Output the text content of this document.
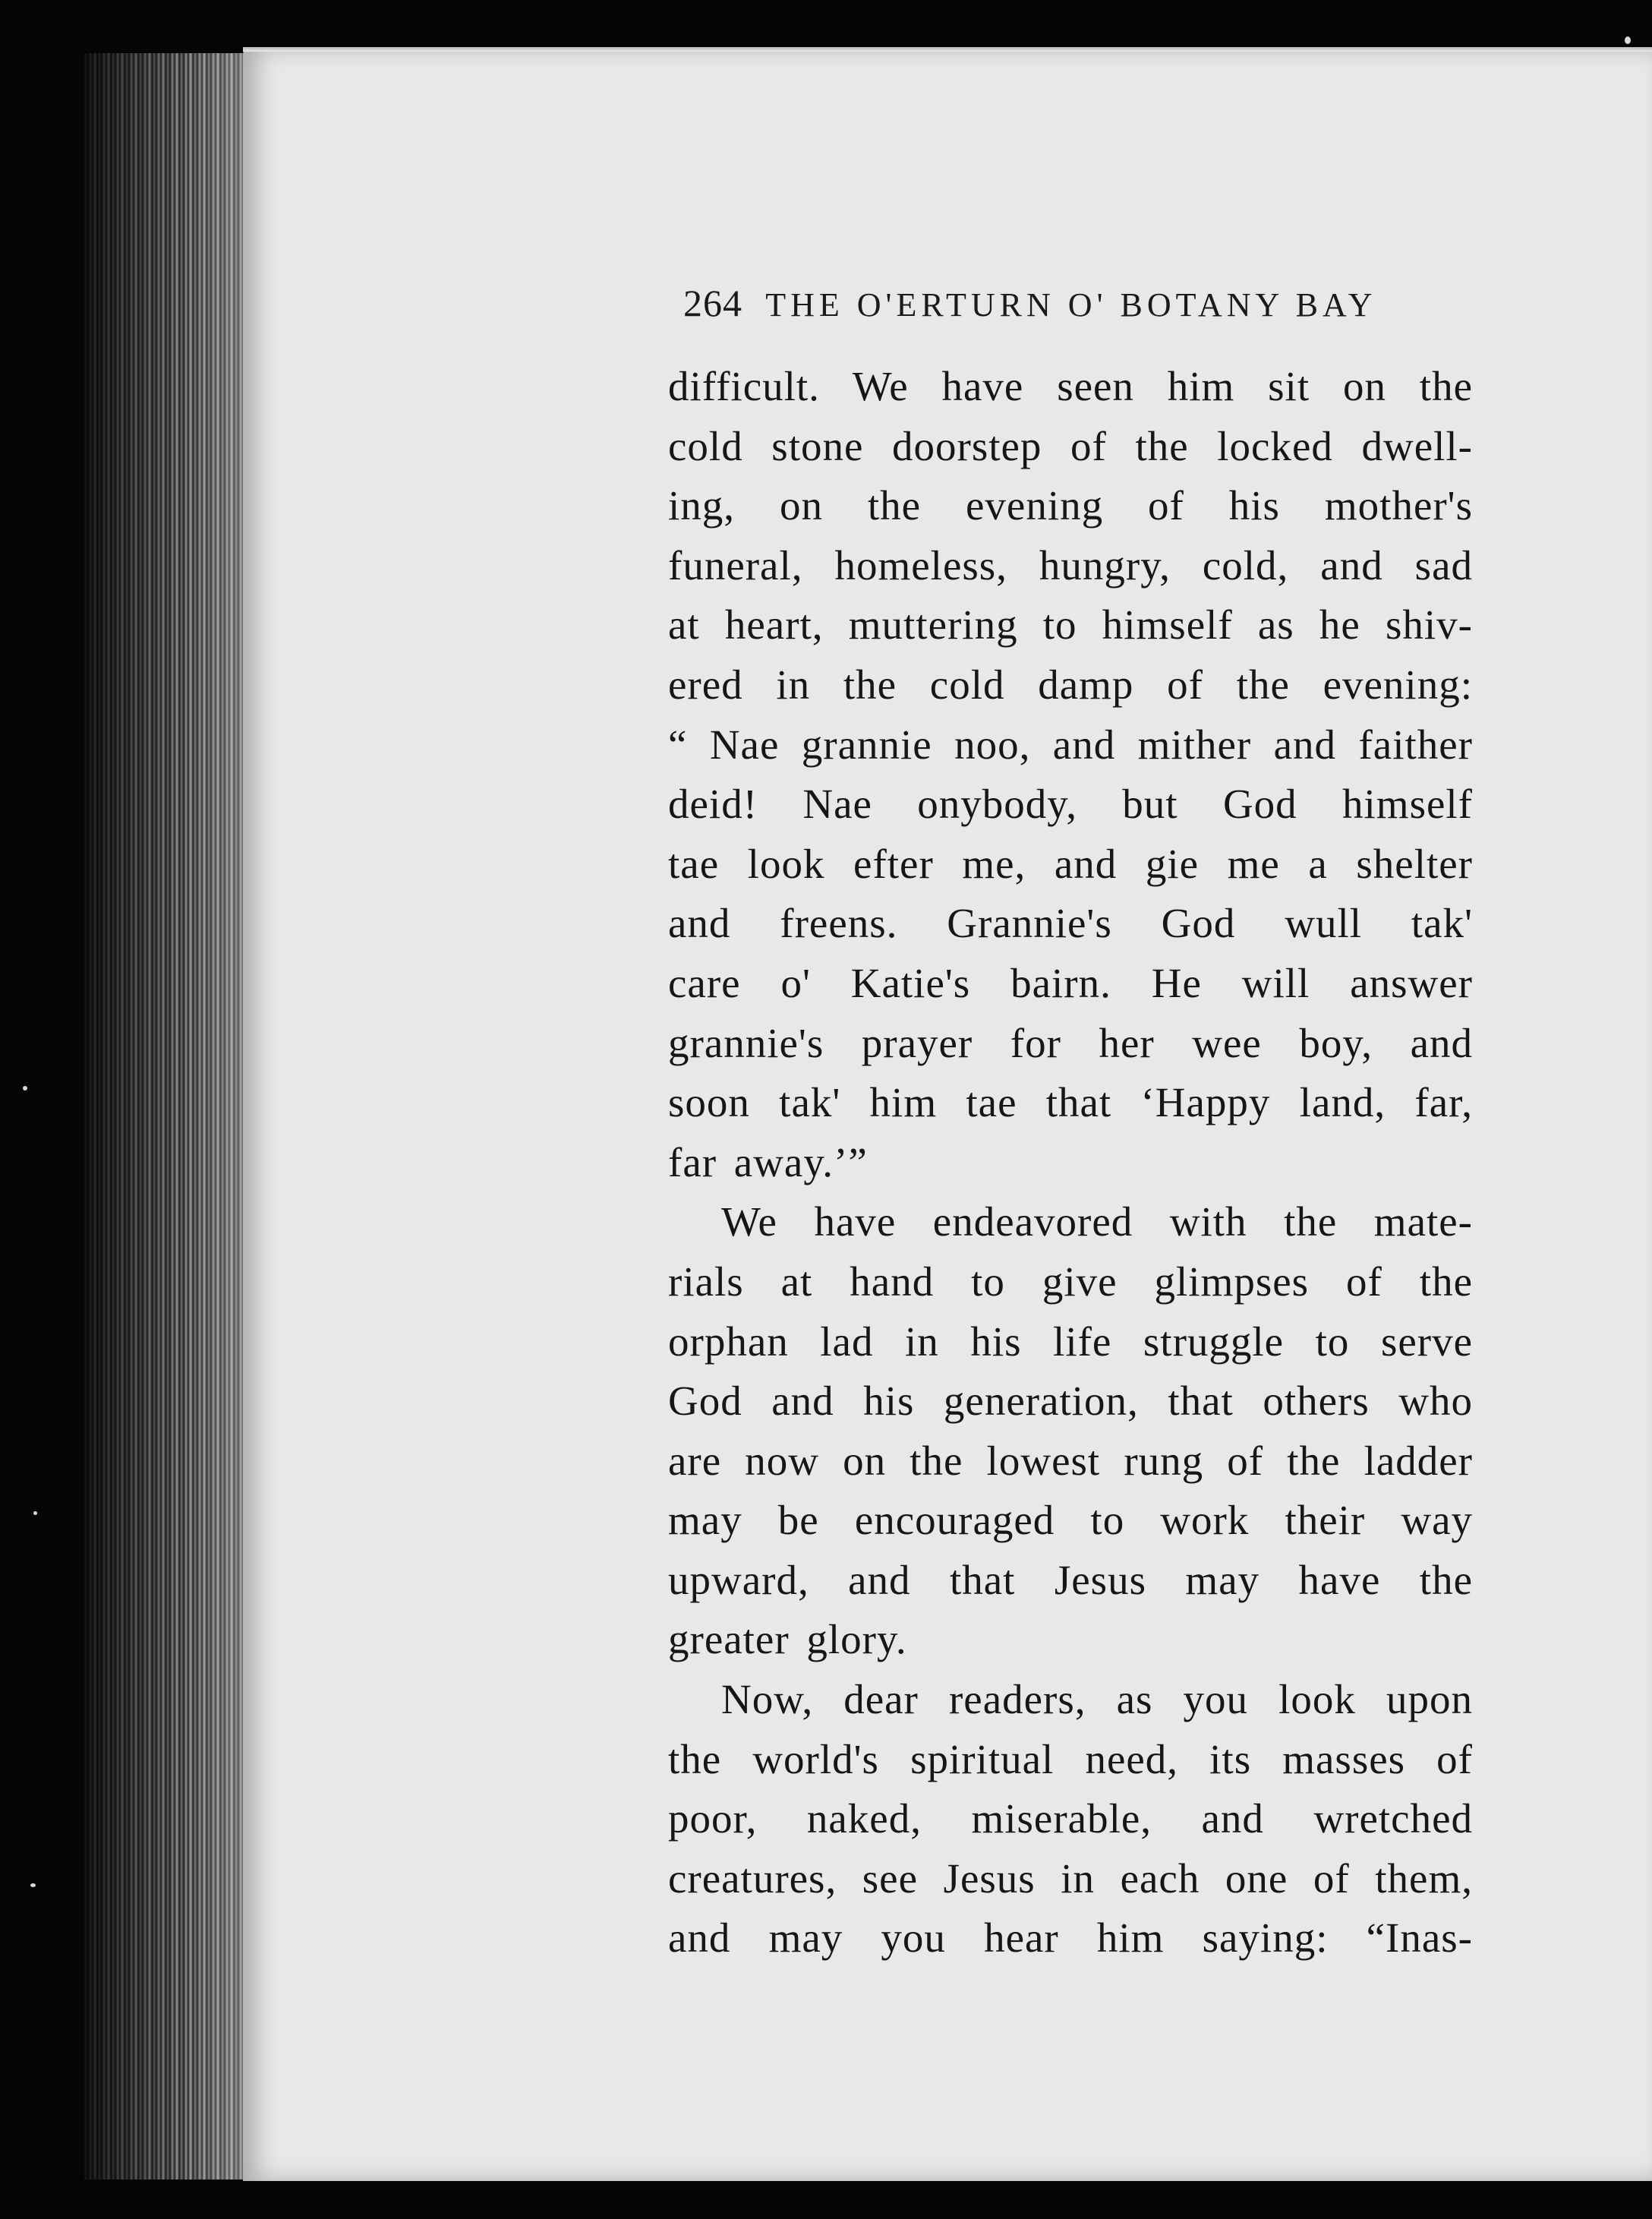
264 THE O'ERTURN O' BOTANY BAY
difficult. We have seen him sit on the
cold stone doorstep of the locked dwell-
ing, on the evening of his mother's
funeral, homeless, hungry, cold, and sad
at heart, muttering to himself as he shiv-
ered in the cold damp of the evening:
“ Nae grannie noo, and mither and faither
deid! Nae onybody, but God himself
tae look efter me, and gie me a shelter
and freens. Grannie's God wull tak'
care o' Katie's bairn. He will answer
grannie's prayer for her wee boy, and
soon tak' him tae that ‘Happy land, far,
far away.’”
We have endeavored with the mate-
rials at hand to give glimpses of the
orphan lad in his life struggle to serve
God and his generation, that others who
are now on the lowest rung of the ladder
may be encouraged to work their way
upward, and that Jesus may have the
greater glory.
Now, dear readers, as you look upon
the world's spiritual need, its masses of
poor, naked, miserable, and wretched
creatures, see Jesus in each one of them,
and may you hear him saying: “Inas-
